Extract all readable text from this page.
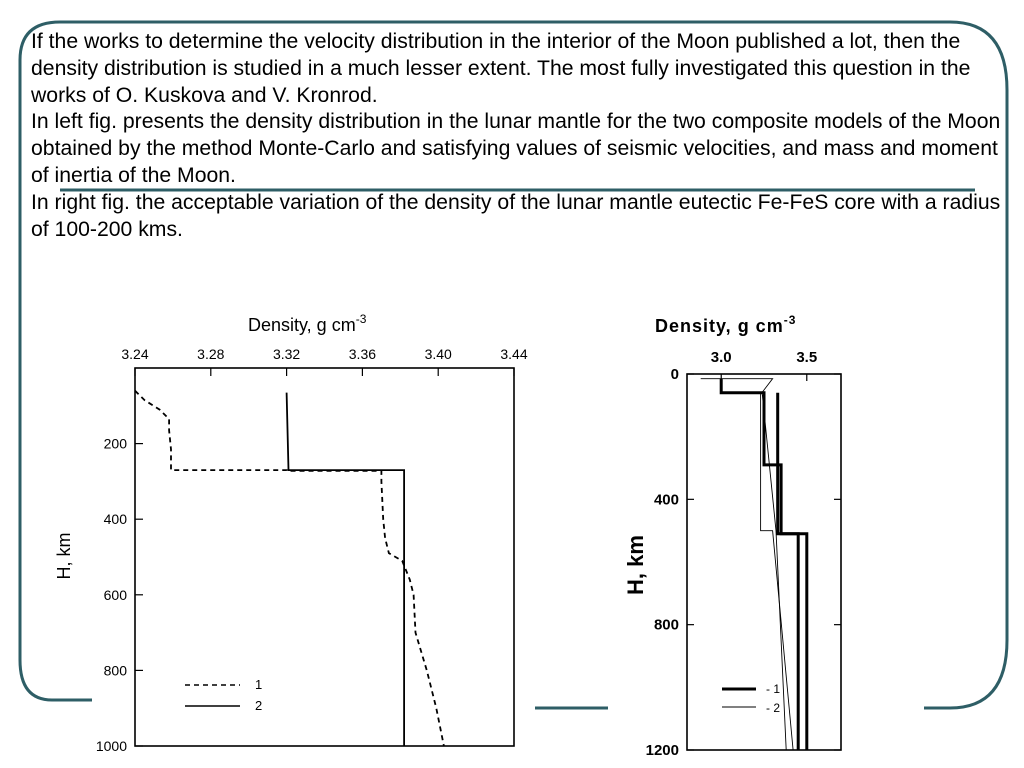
If the works to determine the velocity distribution in the interior of the Moon published a lot, then the density distribution is studied in a much lesser extent. The most fully investigated this question in the works of O. Kuskova and V. Kronrod.

In left fig. presents the density distribution in the lunar mantle for the two composite models of the Moon obtained by the method Monte-Carlo and satisfying values of seismic velocities, and mass and moment of inertia of the Moon.

In right fig. the acceptable variation of the density of the lunar mantle eutectic Fe-FeS core with a radius of 100-200 kms.

Density, g $cm^{-3}$
H, km
3.24	3.28	3.32	3.36	3.40	3.44
200
400
600
800
1000
1
2
Density, g $cm^{-3}$
H, km
3.0	3.5
0
400
800
1200
- 1
- 2
